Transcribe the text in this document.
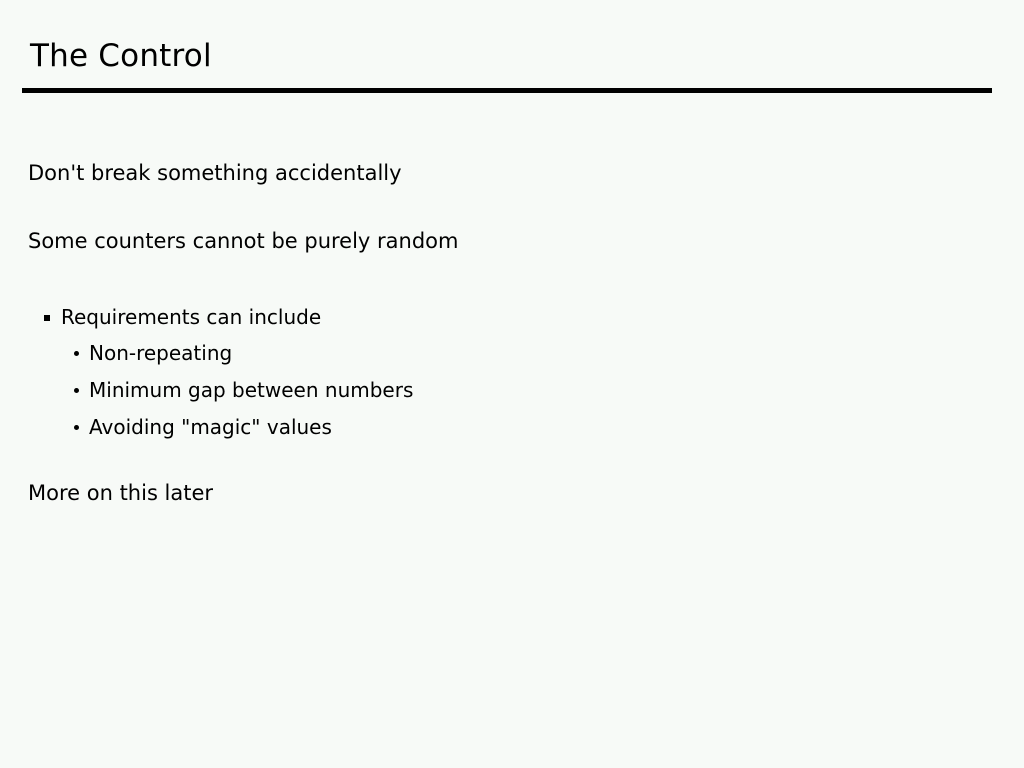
The Control

Don't break something accidentally

Some counters cannot be purely random

Requirements can include
Non-repeating
Minimum gap between numbers
Avoiding "magic" values

More on this later
